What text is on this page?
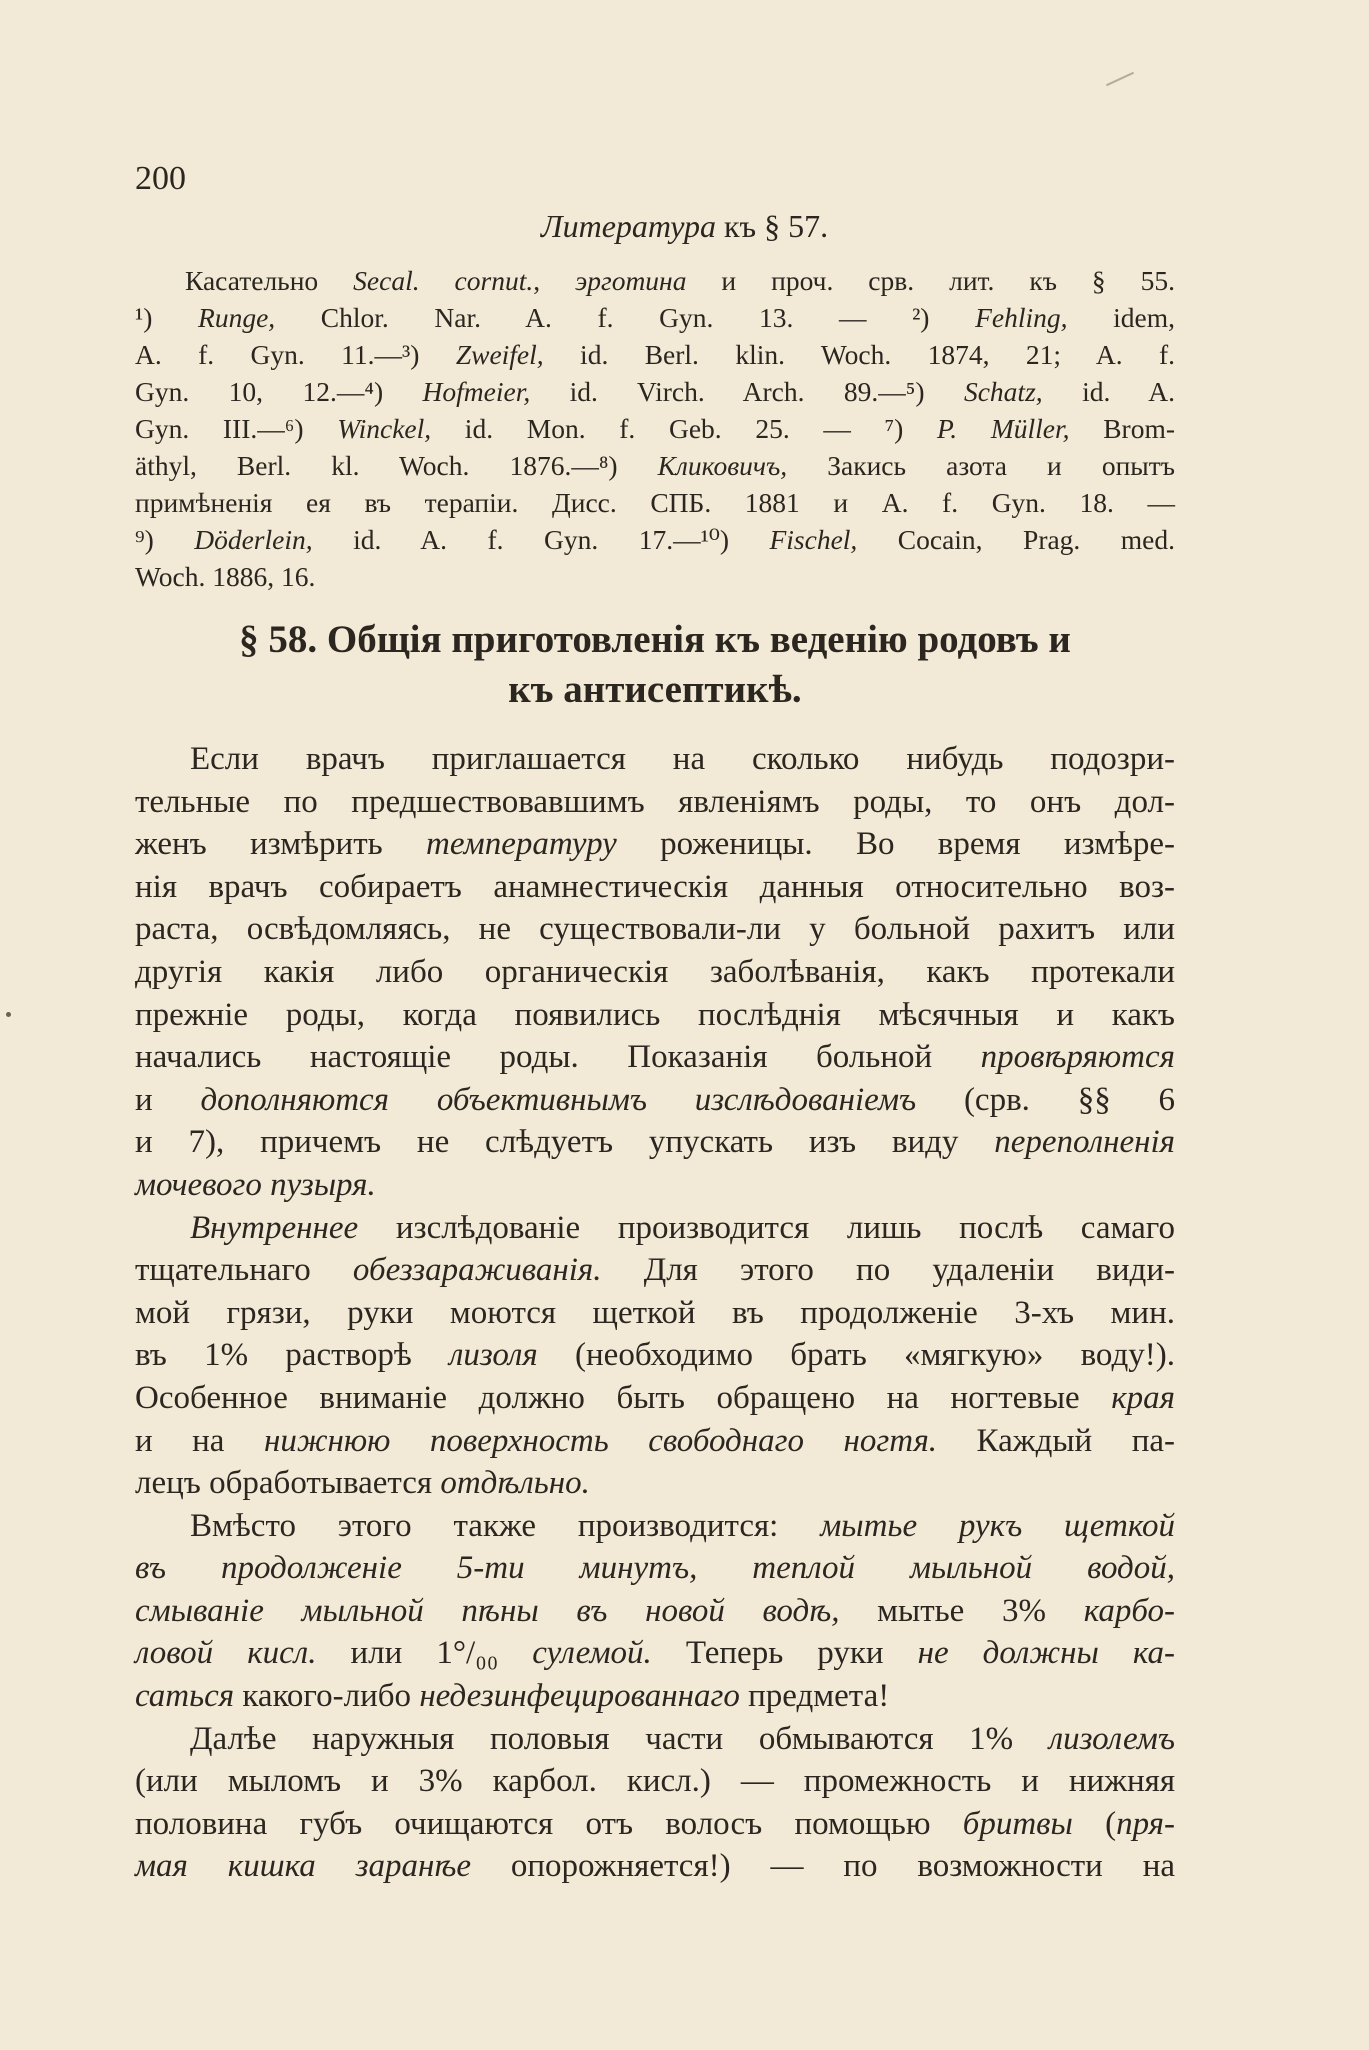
200
Литература къ § 57.
Касательно Secal. cornut., эрготина и проч. срв. лит. къ § 55.
¹) Runge, Chlor. Nar. A. f. Gyn. 13. — ²) Fehling, idem,
A. f. Gyn. 11.—³) Zweifel, id. Berl. klin. Woch. 1874, 21; A. f.
Gyn. 10, 12.—⁴) Hofmeier, id. Virch. Arch. 89.—⁵) Schatz, id. A.
Gyn. III.—⁶) Winckel, id. Mon. f. Geb. 25. — ⁷) P. Müller, Brom-
äthyl, Berl. kl. Woch. 1876.—⁸) Кликовичъ, Закись азота и опытъ
примѣненія ея въ терапіи. Дисс. СПБ. 1881 и A. f. Gyn. 18. —
⁹) Döderlein, id. A. f. Gyn. 17.—¹⁰) Fischel, Cocain, Prag. med.
Woch. 1886, 16.
§ 58. Общія приготовленія къ веденію родовъ и
къ антисептикѣ.
Если врачъ приглашается на сколько нибудь подозри-
тельные по предшествовавшимъ явленіямъ роды, то онъ дол-
женъ измѣрить температуру роженицы. Во время измѣре-
нія врачъ собираетъ анамнестическія данныя относительно воз-
раста, освѣдомляясь, не существовали-ли у больной рахитъ или
другія какія либо органическія заболѣванія, какъ протекали
прежніе роды, когда появились послѣднія мѣсячныя и какъ
начались настоящіе роды. Показанія больной провѣряются
и дополняются объективнымъ изслѣдованіемъ (срв. §§ 6
и 7), причемъ не слѣдуетъ упускать изъ виду переполненія
мочевого пузыря.
Внутреннее изслѣдованіе производится лишь послѣ самаго
тщательнаго обеззараживанія. Для этого по удаленіи види-
мой грязи, руки моются щеткой въ продолженіе 3-хъ мин.
въ 1% растворѣ лизоля (необходимо брать «мягкую» воду!).
Особенное вниманіе должно быть обращено на ногтевые края
и на нижнюю поверхность свободнаго ногтя. Каждый па-
лецъ обработывается отдѣльно.
Вмѣсто этого также производится: мытье рукъ щеткой
въ продолженіе 5-ти минутъ, теплой мыльной водой,
смываніе мыльной пѣны въ новой водѣ, мытье 3% карбо-
ловой кисл. или 1°/₀₀ сулемой. Теперь руки не должны ка-
саться какого-либо недезинфецированнаго предмета!
Далѣе наружныя половыя части обмываются 1% лизолемъ
(или мыломъ и 3% карбол. кисл.) — промежность и нижняя
половина губъ очищаются отъ волосъ помощью бритвы (пря-
мая кишка заранѣе опорожняется!) — по возможности на
